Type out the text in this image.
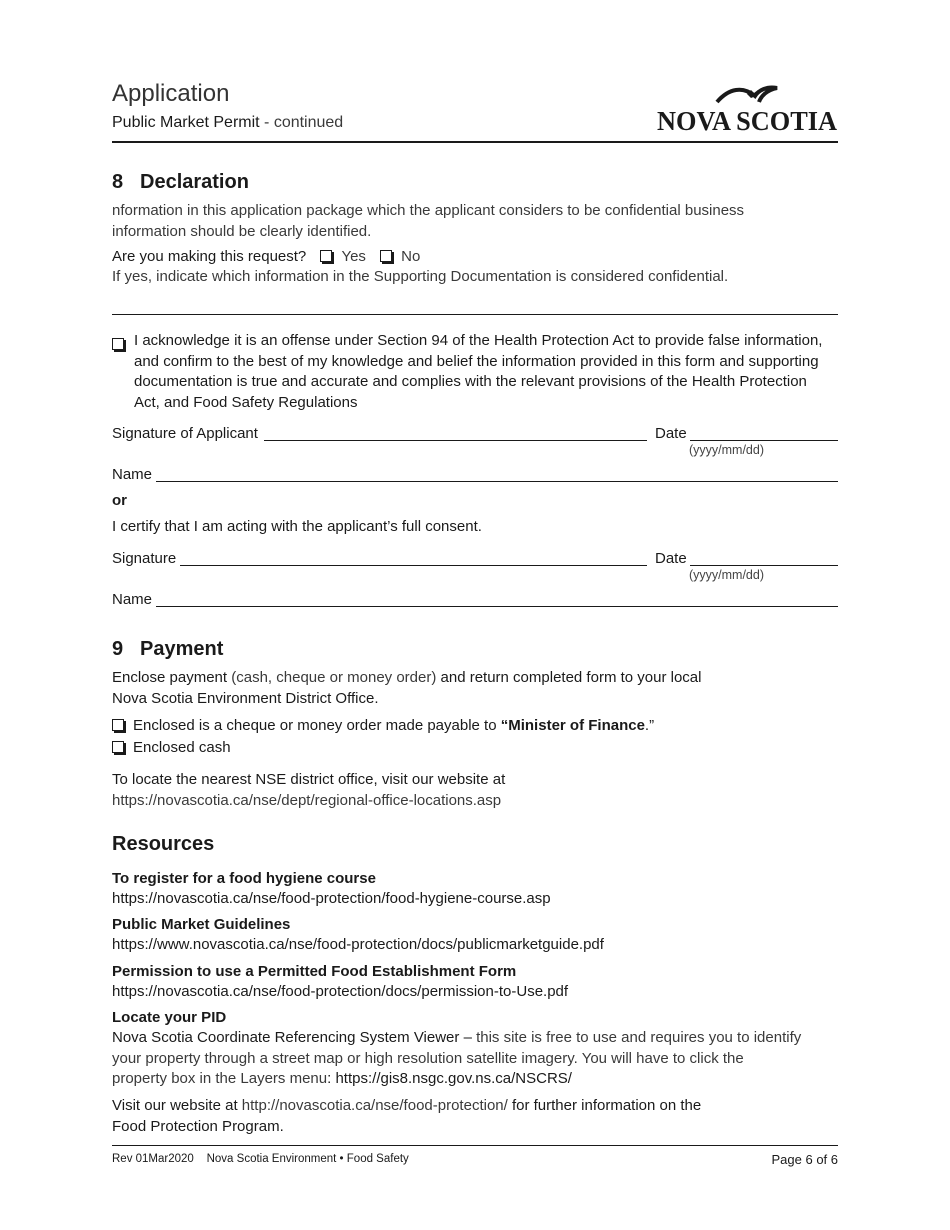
Application
Public Market Permit - continued	NOVA SCOTIA
8 Declaration
nformation in this application package which the applicant considers to be confidential business information should be clearly identified.
Are you making this request? Yes No
If yes, indicate which information in the Supporting Documentation is considered confidential.
I acknowledge it is an offense under Section 94 of the Health Protection Act to provide false information, and confirm to the best of my knowledge and belief the information provided in this form and supporting documentation is true and accurate and complies with the relevant provisions of the Health Protection Act, and Food Safety Regulations
Signature of Applicant	Date
(yyyy/mm/dd)
Name
or
I certify that I am acting with the applicant’s full consent.
Signature	Date
(yyyy/mm/dd)
Name
9 Payment
Enclose payment (cash, cheque or money order) and return completed form to your local
Nova Scotia Environment District Office.
Enclosed is a cheque or money order made payable to “Minister of Finance.”
Enclosed cash
To locate the nearest NSE district office, visit our website at
https://novascotia.ca/nse/dept/regional-office-locations.asp
Resources
To register for a food hygiene course
https://novascotia.ca/nse/food-protection/food-hygiene-course.asp
Public Market Guidelines
https://www.novascotia.ca/nse/food-protection/docs/publicmarketguide.pdf
Permission to use a Permitted Food Establishment Form
https://novascotia.ca/nse/food-protection/docs/permission-to-Use.pdf
Locate your PID
Nova Scotia Coordinate Referencing System Viewer – this site is free to use and requires you to identify your property through a street map or high resolution satellite imagery. You will have to click the property box in the Layers menu: https://gis8.nsgc.gov.ns.ca/NSCRS/
Visit our website at http://novascotia.ca/nse/food-protection/ for further information on the
Food Protection Program.
Rev 01Mar2020    Nova Scotia Environment • Food Safety	Page 6 of 6
